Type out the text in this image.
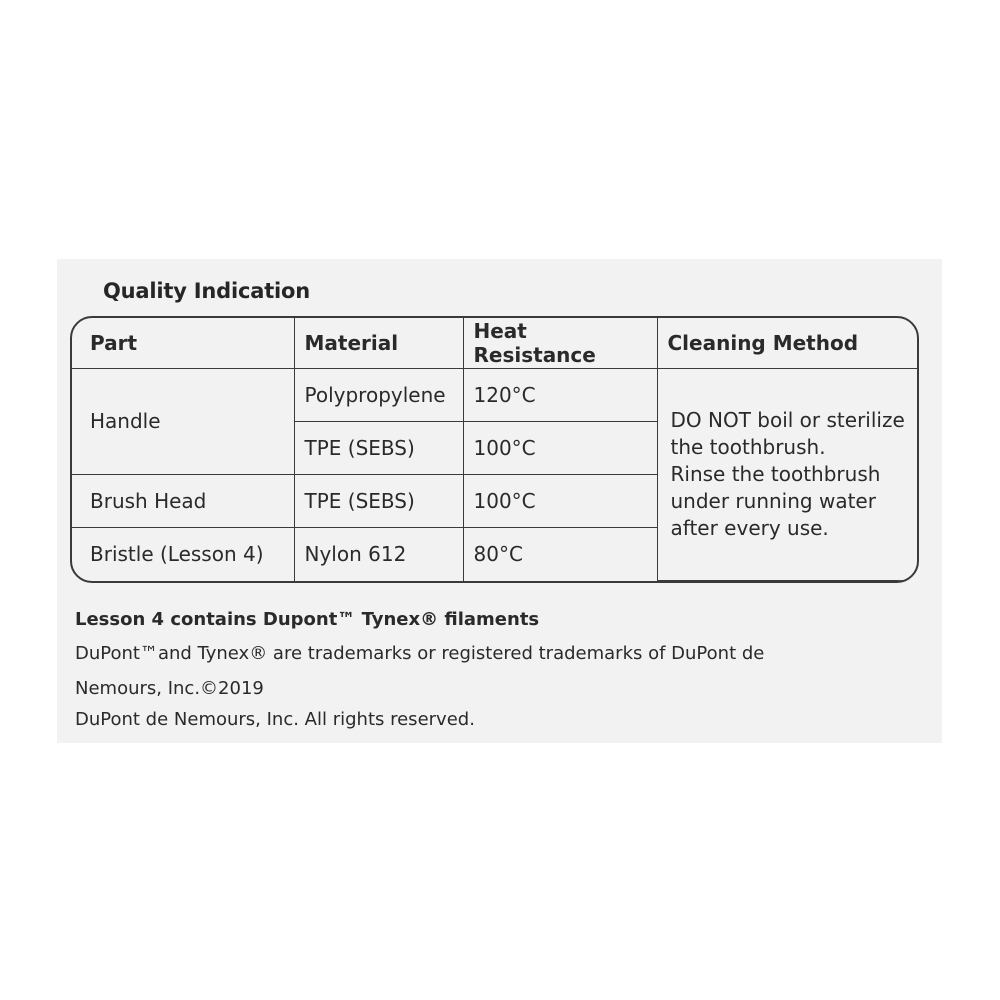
Quality Indication
Part	Material	Heat Resistance	Cleaning Method
Handle	Polypropylene	120°C	DO NOT boil or sterilize
the toothbrush.
Rinse the toothbrush
under running water
after every use.

	TPE (SEBS)	100°C	
Brush Head	TPE (SEBS)	100°C	
Bristle (Lesson 4)	Nylon 612	80°C	
Lesson 4 contains Dupont™ Tynex® filaments
DuPont™and Tynex® are trademarks or registered trademarks of DuPont de
Nemours, Inc.©2019
DuPont de Nemours, Inc. All rights reserved.
